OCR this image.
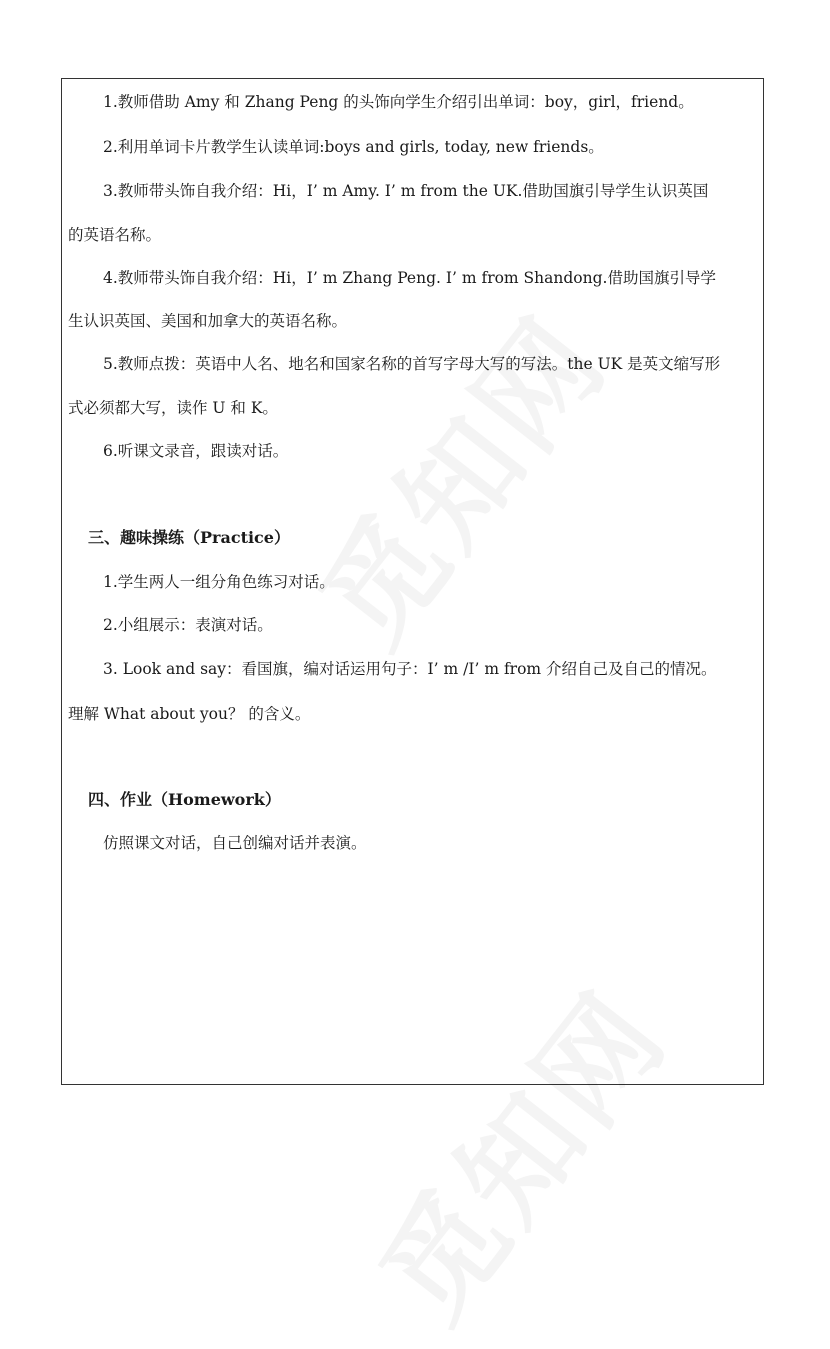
1.教师借助 Amy 和 Zhang Peng 的头饰向学生介绍引出单词：boy，girl，friend。
2.利用单词卡片教学生认读单词:boys and girls, today, new friends。
3.教师带头饰自我介绍：Hi，I’ m Amy. I’ m from the UK.借助国旗引导学生认识英国
的英语名称。
4.教师带头饰自我介绍：Hi，I’ m Zhang Peng. I’ m from Shandong.借助国旗引导学
生认识英国、美国和加拿大的英语名称。
5.教师点拨：英语中人名、地名和国家名称的首写字母大写的写法。the UK 是英文缩写形
式必须都大写，读作 U 和 K。
6.听课文录音，跟读对话。
三、趣味操练（Practice）
1.学生两人一组分角色练习对话。
2.小组展示：表演对话。
3. Look and say：看国旗，编对话运用句子：I’ m /I’ m from 介绍自己及自己的情况。
理解 What about you？ 的含义。
四、作业（Homework）
仿照课文对话，自己创编对话并表演。
